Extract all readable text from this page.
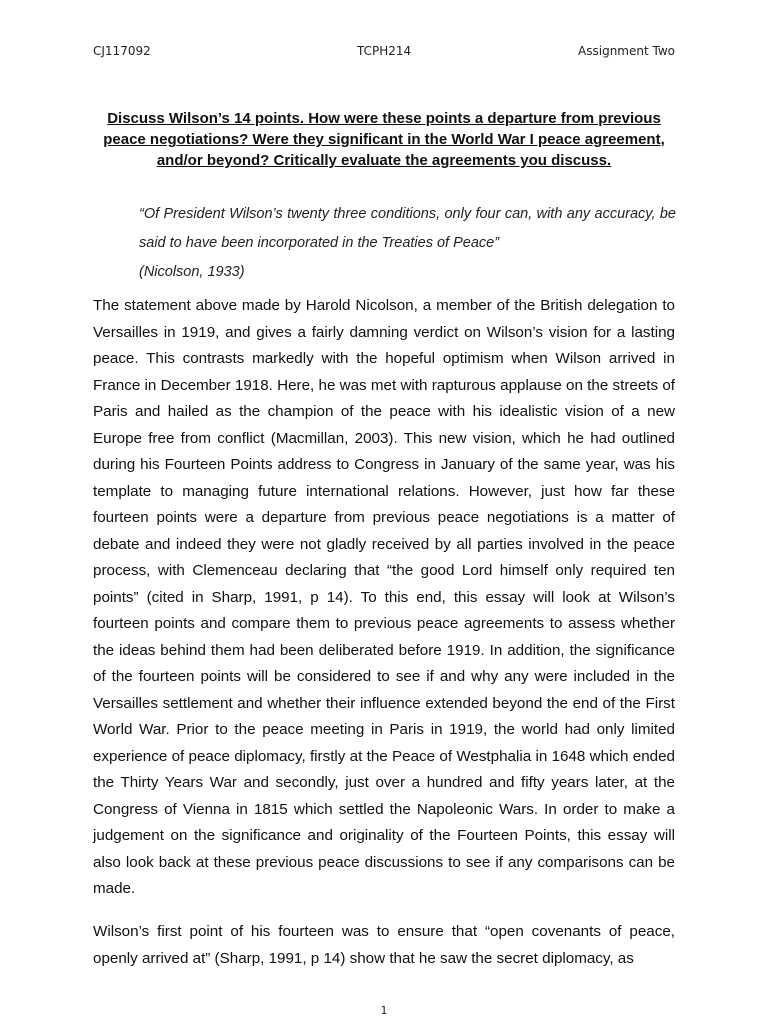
CJ117092	TCPH214	Assignment Two
Discuss Wilson’s 14 points. How were these points a departure from previous peace negotiations? Were they significant in the World War I peace agreement, and/or beyond? Critically evaluate the agreements you discuss.
“Of President Wilson’s twenty three conditions, only four can, with any accuracy, be said to have been incorporated in the Treaties of Peace”
(Nicolson, 1933)
The statement above made by Harold Nicolson, a member of the British delegation to Versailles in 1919, and gives a fairly damning verdict on Wilson’s vision for a lasting peace. This contrasts markedly with the hopeful optimism when Wilson arrived in France in December 1918. Here, he was met with rapturous applause on the streets of Paris and hailed as the champion of the peace with his idealistic vision of a new Europe free from conflict (Macmillan, 2003). This new vision, which he had outlined during his Fourteen Points address to Congress in January of the same year, was his template to managing future international relations. However, just how far these fourteen points were a departure from previous peace negotiations is a matter of debate and indeed they were not gladly received by all parties involved in the peace process, with Clemenceau declaring that “the good Lord himself only required ten points” (cited in Sharp, 1991, p 14). To this end, this essay will look at Wilson’s fourteen points and compare them to previous peace agreements to assess whether the ideas behind them had been deliberated before 1919. In addition, the significance of the fourteen points will be considered to see if and why any were included in the Versailles settlement and whether their influence extended beyond the end of the First World War. Prior to the peace meeting in Paris in 1919, the world had only limited experience of peace diplomacy, firstly at the Peace of Westphalia in 1648 which ended the Thirty Years War and secondly, just over a hundred and fifty years later, at the Congress of Vienna in 1815 which settled the Napoleonic Wars. In order to make a judgement on the significance and originality of the Fourteen Points, this essay will also look back at these previous peace discussions to see if any comparisons can be made.
Wilson’s first point of his fourteen was to ensure that “open covenants of peace, openly arrived at” (Sharp, 1991, p 14) show that he saw the secret diplomacy, as
1
